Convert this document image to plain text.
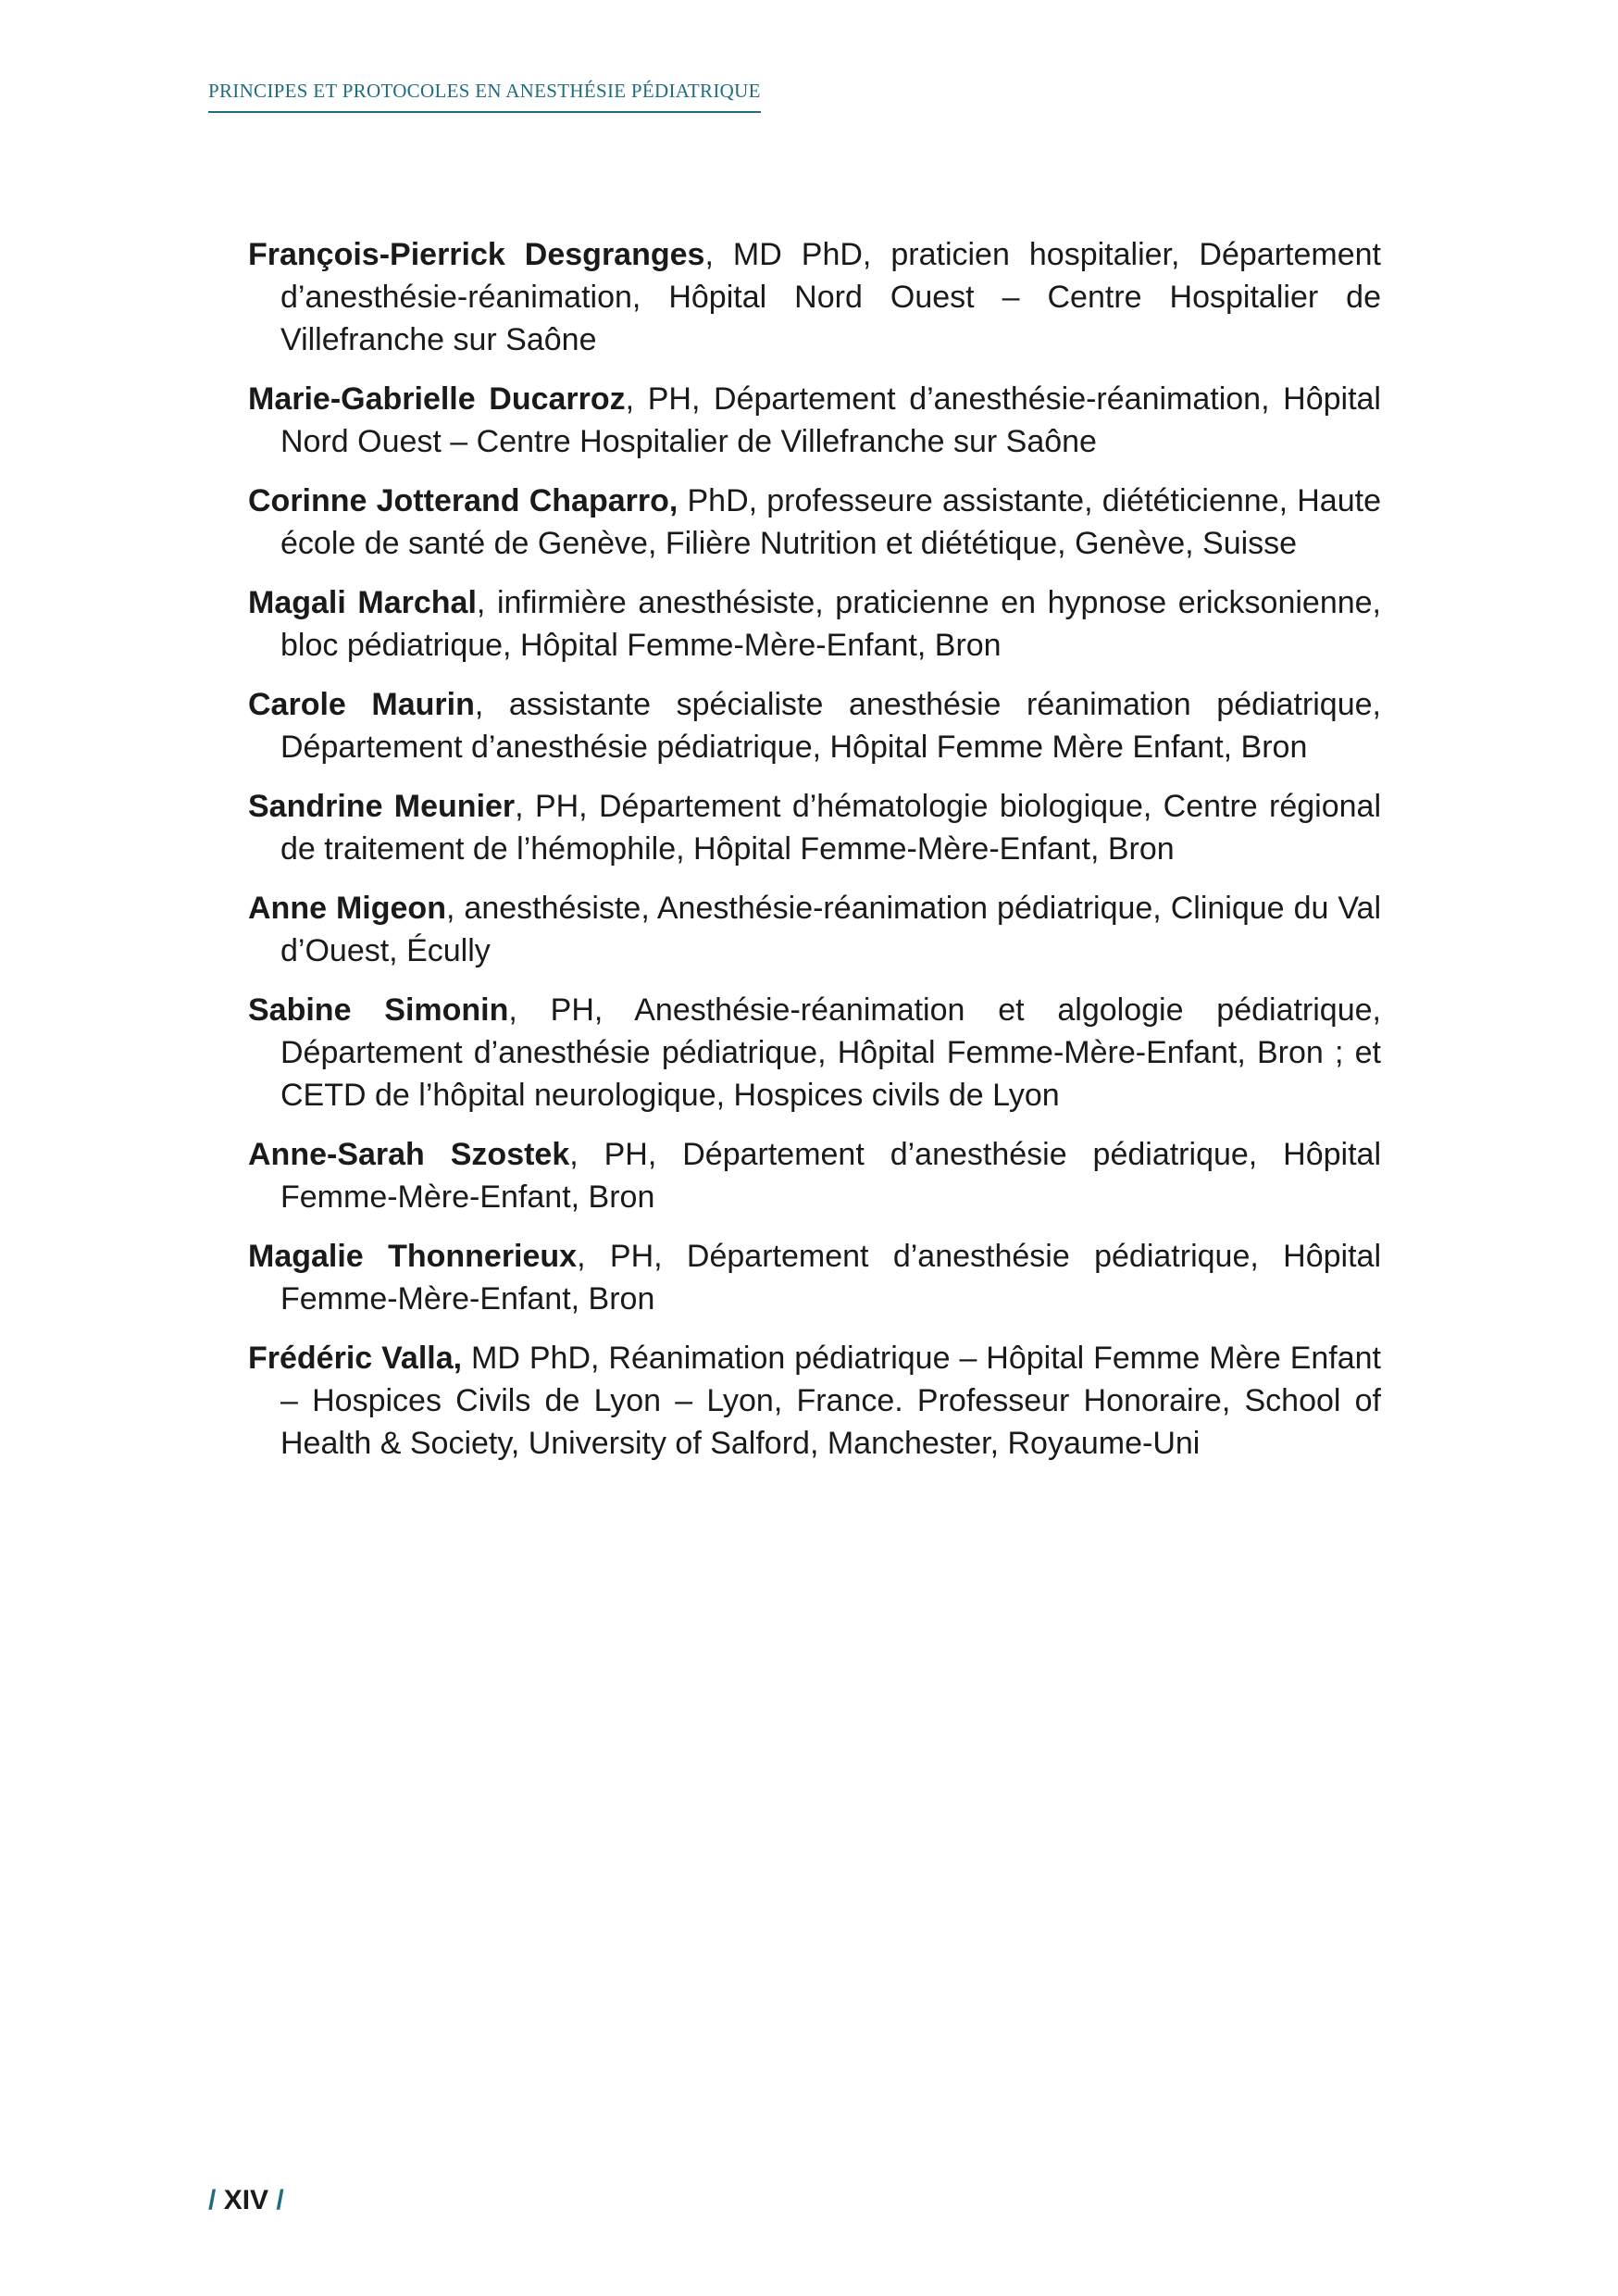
PRINCIPES ET PROTOCOLES EN ANESTHÉSIE PÉDIATRIQUE
François-Pierrick Desgranges, MD PhD, praticien hospitalier, Département d’anesthésie-réanimation, Hôpital Nord Ouest – Centre Hospitalier de Villefranche sur Saône
Marie-Gabrielle Ducarroz, PH, Département d’anesthésie-réanimation, Hôpital Nord Ouest – Centre Hospitalier de Villefranche sur Saône
Corinne Jotterand Chaparro, PhD, professeure assistante, diététicienne, Haute école de santé de Genève, Filière Nutrition et diététique, Genève, Suisse
Magali Marchal, infirmière anesthésiste, praticienne en hypnose ericksonienne, bloc pédiatrique, Hôpital Femme-Mère-Enfant, Bron
Carole Maurin, assistante spécialiste anesthésie réanimation pédiatrique, Département d’anesthésie pédiatrique, Hôpital Femme Mère Enfant, Bron
Sandrine Meunier, PH, Département d’hématologie biologique, Centre régional de traitement de l’hémophile, Hôpital Femme-Mère-Enfant, Bron
Anne Migeon, anesthésiste, Anesthésie-réanimation pédiatrique, Clinique du Val d’Ouest, Écully
Sabine Simonin, PH, Anesthésie-réanimation et algologie pédiatrique, Département d’anesthésie pédiatrique, Hôpital Femme-Mère-Enfant, Bron ; et CETD de l’hôpital neurologique, Hospices civils de Lyon
Anne-Sarah Szostek, PH, Département d’anesthésie pédiatrique, Hôpital Femme-Mère-Enfant, Bron
Magalie Thonnerieux, PH, Département d’anesthésie pédiatrique, Hôpital Femme-Mère-Enfant, Bron
Frédéric Valla, MD PhD, Réanimation pédiatrique – Hôpital Femme Mère Enfant – Hospices Civils de Lyon – Lyon, France. Professeur Honoraire, School of Health & Society, University of Salford, Manchester, Royaume-Uni
/ XIV /
